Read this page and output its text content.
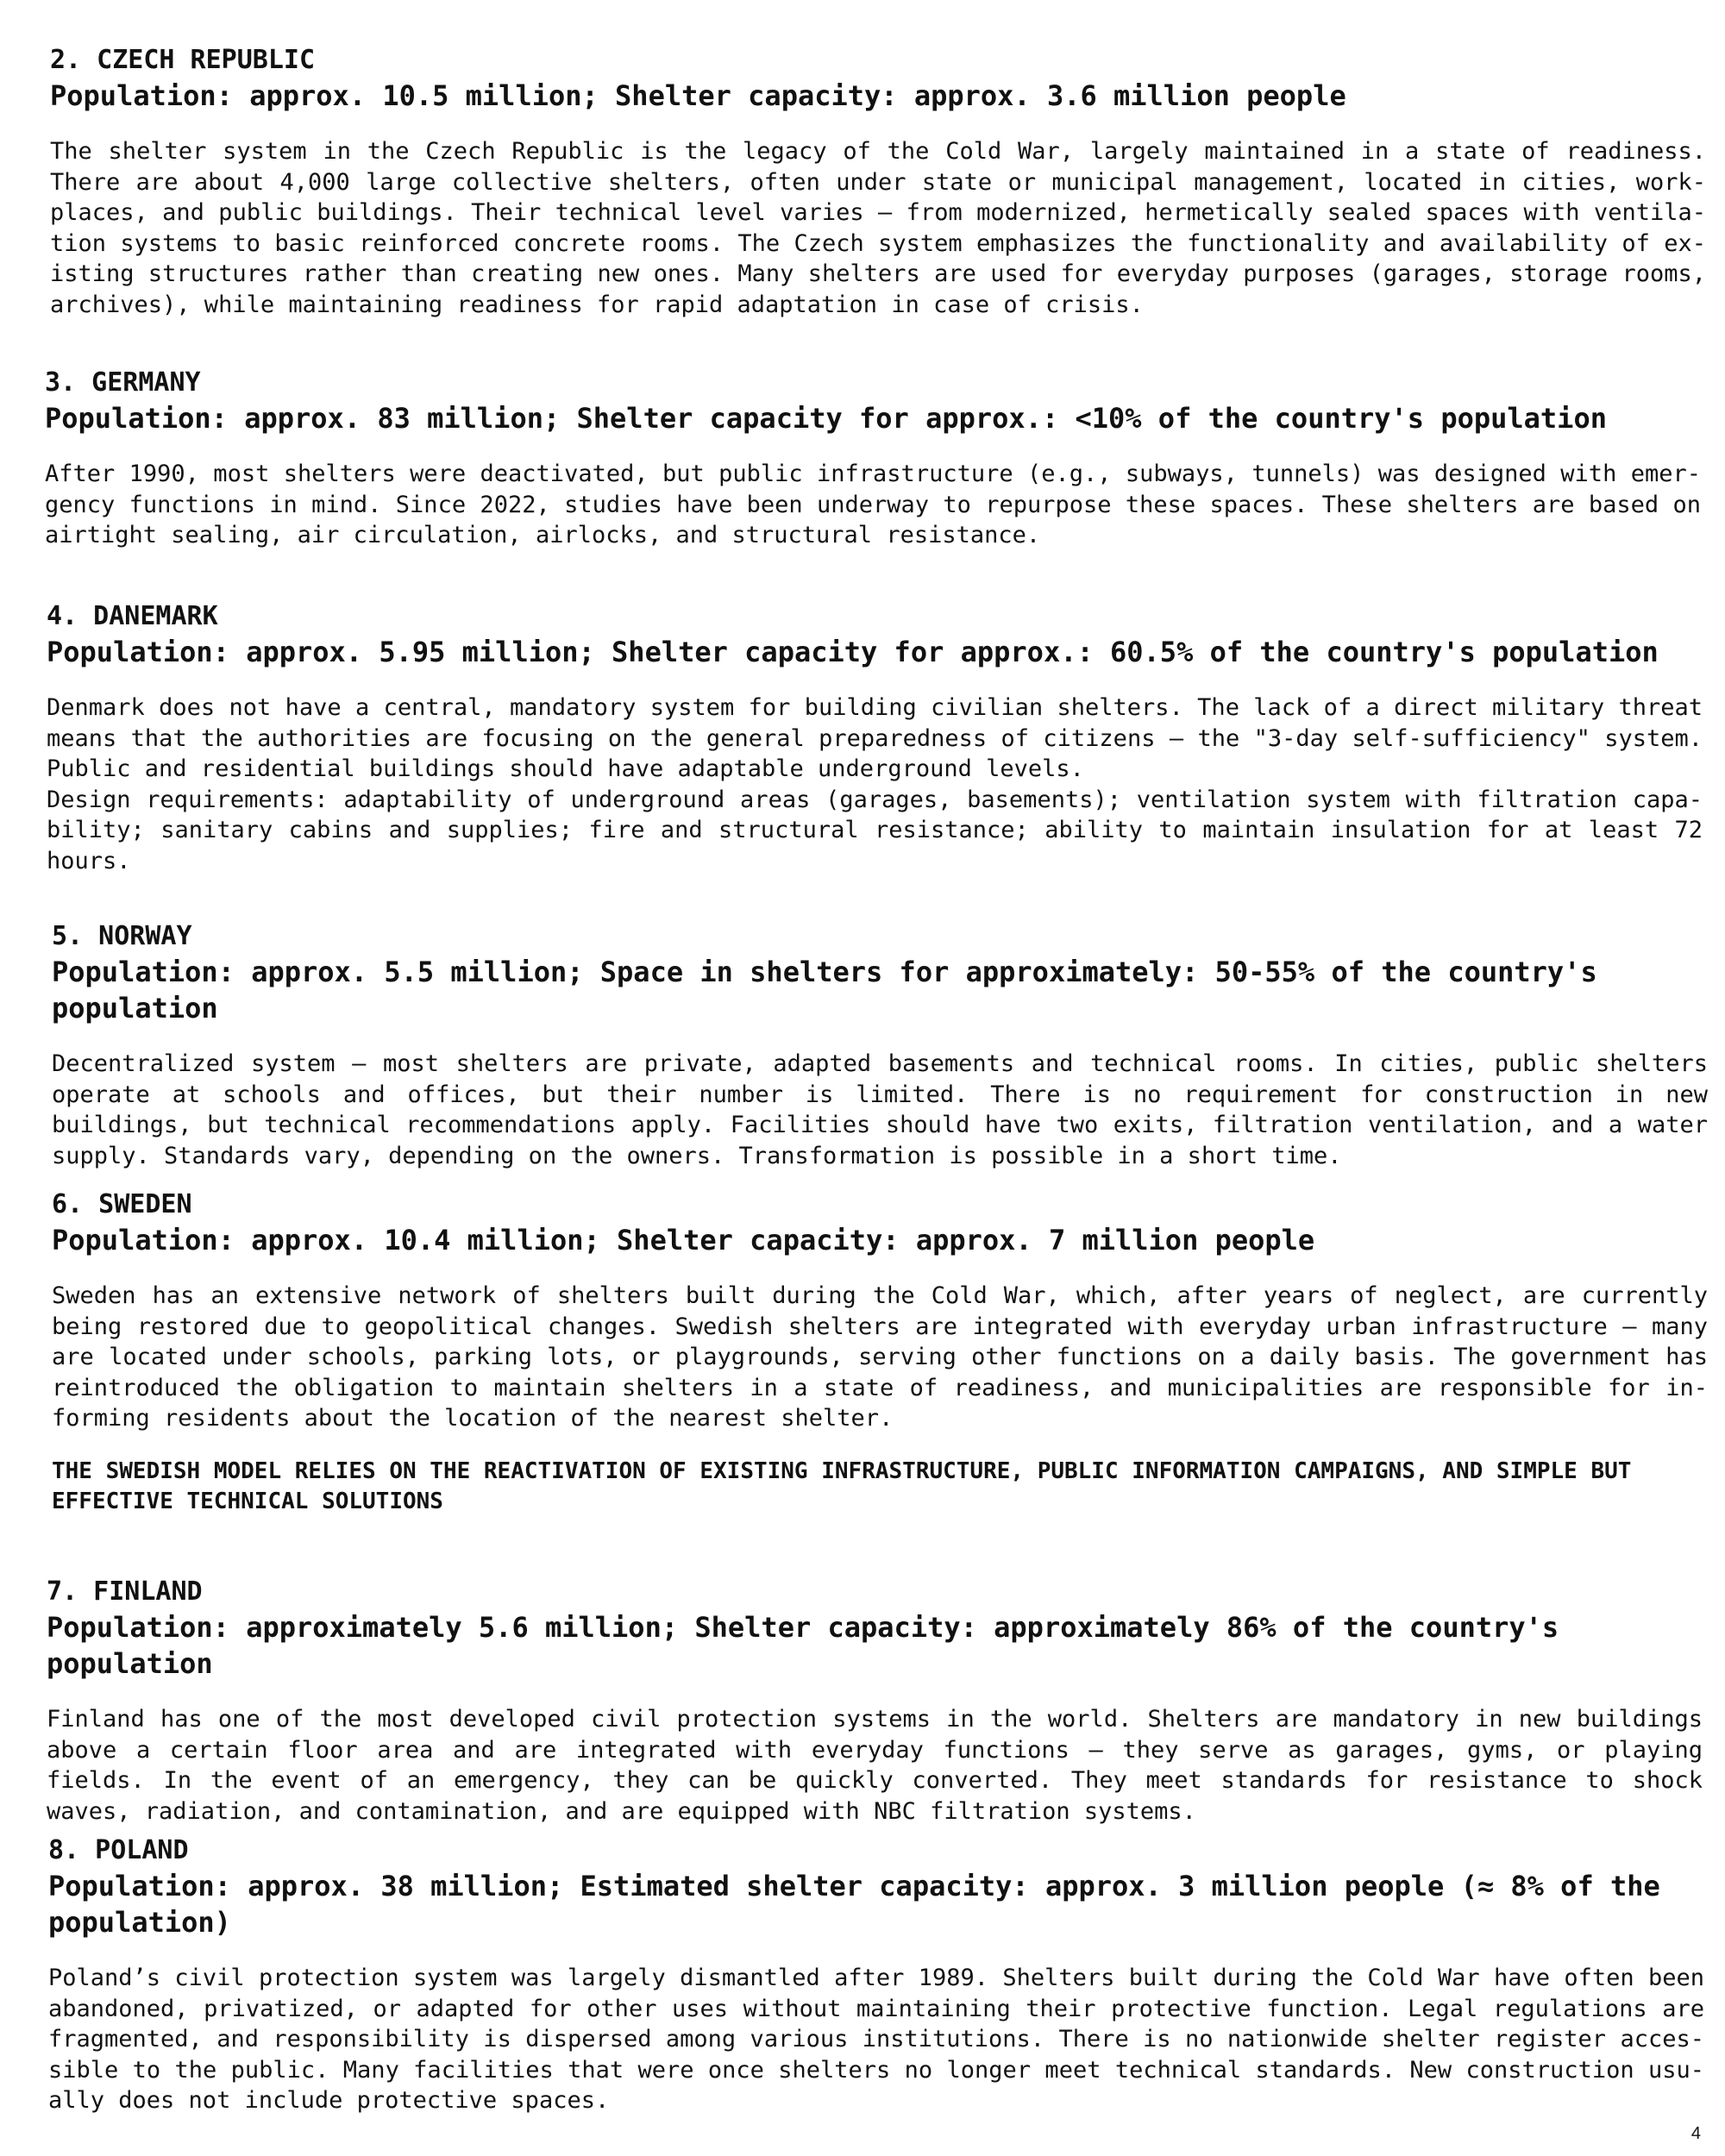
2. CZECH REPUBLIC
Population: approx. 10.5 million; Shelter capacity: approx. 3.6 million people

The shelter system in the Czech Republic is the legacy of the Cold War, largely maintained in a state of readiness. There are about 4,000 large collective shelters, often under state or municipal management, located in cities, workplaces, and public buildings. Their technical level varies – from modernized, hermetically sealed spaces with ventilation systems to basic reinforced concrete rooms. The Czech system emphasizes the functionality and availability of existing structures rather than creating new ones. Many shelters are used for everyday purposes (garages, storage rooms, archives), while maintaining readiness for rapid adaptation in case of crisis.

3. GERMANY
Population: approx. 83 million; Shelter capacity for approx.: <10% of the country's population

After 1990, most shelters were deactivated, but public infrastructure (e.g., subways, tunnels) was designed with emergency functions in mind. Since 2022, studies have been underway to repurpose these spaces. These shelters are based on airtight sealing, air circulation, airlocks, and structural resistance.

4. DANEMARK
Population: approx. 5.95 million; Shelter capacity for approx.: 60.5% of the country's population

Denmark does not have a central, mandatory system for building civilian shelters. The lack of a direct military threat means that the authorities are focusing on the general preparedness of citizens – the "3-day self-sufficiency" system. Public and residential buildings should have adaptable underground levels.

Design requirements: adaptability of underground areas (garages, basements); ventilation system with filtration capability; sanitary cabins and supplies; fire and structural resistance; ability to maintain insulation for at least 72 hours.

5. NORWAY
Population: approx. 5.5 million; Space in shelters for approximately: 50-55% of the country's population

Decentralized system – most shelters are private, adapted basements and technical rooms. In cities, public shelters operate at schools and offices, but their number is limited. There is no requirement for construction in new buildings, but technical recommendations apply. Facilities should have two exits, filtration ventilation, and a water supply. Standards vary, depending on the owners. Transformation is possible in a short time.

6. SWEDEN
Population: approx. 10.4 million; Shelter capacity: approx. 7 million people

Sweden has an extensive network of shelters built during the Cold War, which, after years of neglect, are currently being restored due to geopolitical changes. Swedish shelters are integrated with everyday urban infrastructure – many are located under schools, parking lots, or playgrounds, serving other functions on a daily basis. The government has reintroduced the obligation to maintain shelters in a state of readiness, and municipalities are responsible for informing residents about the location of the nearest shelter.

THE SWEDISH MODEL RELIES ON THE REACTIVATION OF EXISTING INFRASTRUCTURE, PUBLIC INFORMATION CAMPAIGNS, AND SIMPLE BUT EFFECTIVE TECHNICAL SOLUTIONS
7. FINLAND
Population: approximately 5.6 million; Shelter capacity: approximately 86% of the country's population

Finland has one of the most developed civil protection systems in the world. Shelters are mandatory in new buildings above a certain floor area and are integrated with everyday functions – they serve as garages, gyms, or playing fields. In the event of an emergency, they can be quickly converted. They meet standards for resistance to shock waves, radiation, and contamination, and are equipped with NBC filtration systems.

8. POLAND
Population: approx. 38 million; Estimated shelter capacity: approx. 3 million people (≈ 8% of the population)

Poland’s civil protection system was largely dismantled after 1989. Shelters built during the Cold War have often been abandoned, privatized, or adapted for other uses without maintaining their protective function. Legal regulations are fragmented, and responsibility is dispersed among various institutions. There is no nationwide shelter register accessible to the public. Many facilities that were once shelters no longer meet technical standards. New construction usually does not include protective spaces.

4
